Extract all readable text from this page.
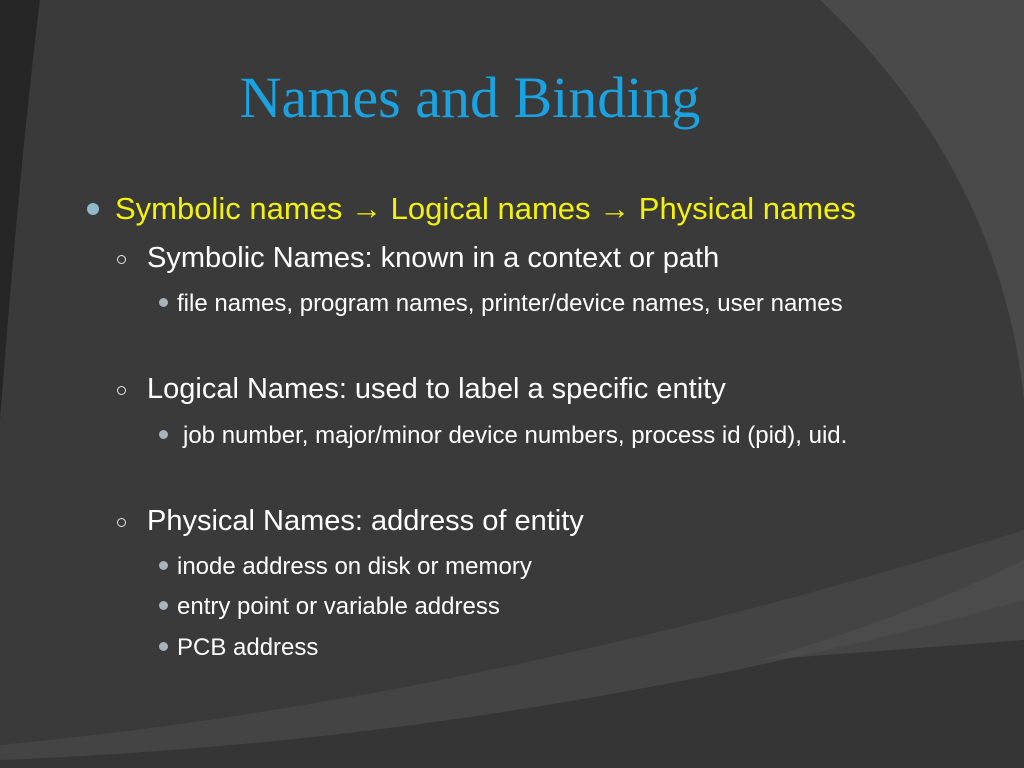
Names and Binding
Symbolic names → Logical names → Physical names
Symbolic Names: known in a context or path
file names, program names, printer/device names, user names
Logical Names: used to label a specific entity
job number, major/minor device numbers, process id (pid), uid.
Physical Names: address of entity
inode address on disk or memory
entry point or variable address
PCB address
